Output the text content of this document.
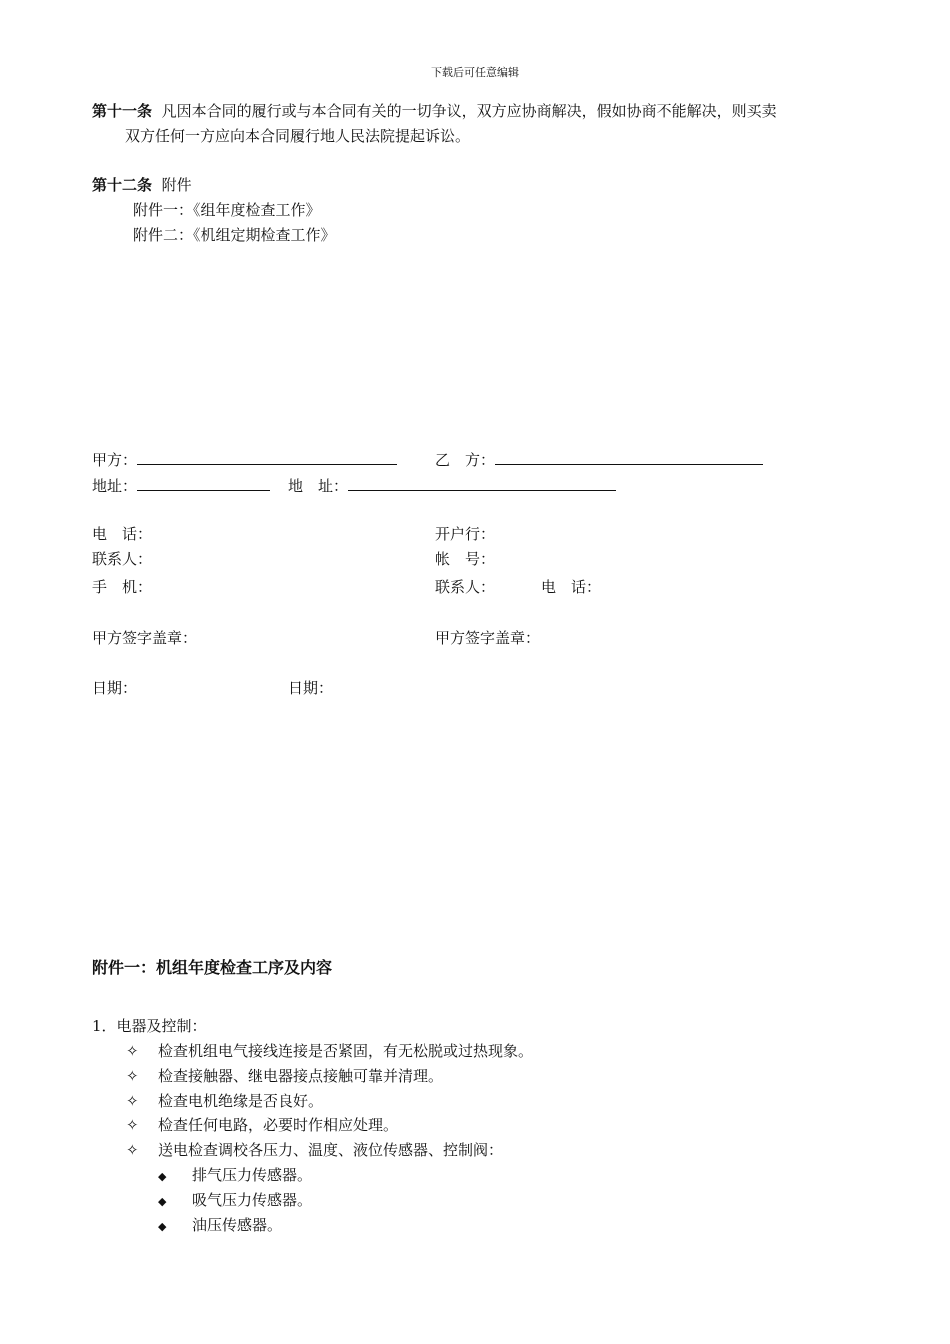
下载后可任意编辑
第十一条 凡因本合同的履行或与本合同有关的一切争议，双方应协商解决，假如协商不能解决，则买卖
双方任何一方应向本合同履行地人民法院提起诉讼。
第十二条 附件
附件一：《组年度检查工作》
附件二：《机组定期检查工作》
甲方：	乙　方：
地址：	地　址：
电　话：	开户行：
联系人：	帐　号：
手　机：	联系人：	电　话：
甲方签字盖章：	甲方签字盖章：
日期：	日期：
附件一：机组年度检查工序及内容
1．电器及控制：
✧ 检查机组电气接线连接是否紧固，有无松脱或过热现象。
✧ 检查接触器、继电器接点接触可靠并清理。
✧ 检查电机绝缘是否良好。
✧ 检查任何电路，必要时作相应处理。
✧ 送电检查调校各压力、温度、液位传感器、控制阀：
◆ 排气压力传感器。
◆ 吸气压力传感器。
◆ 油压传感器。
